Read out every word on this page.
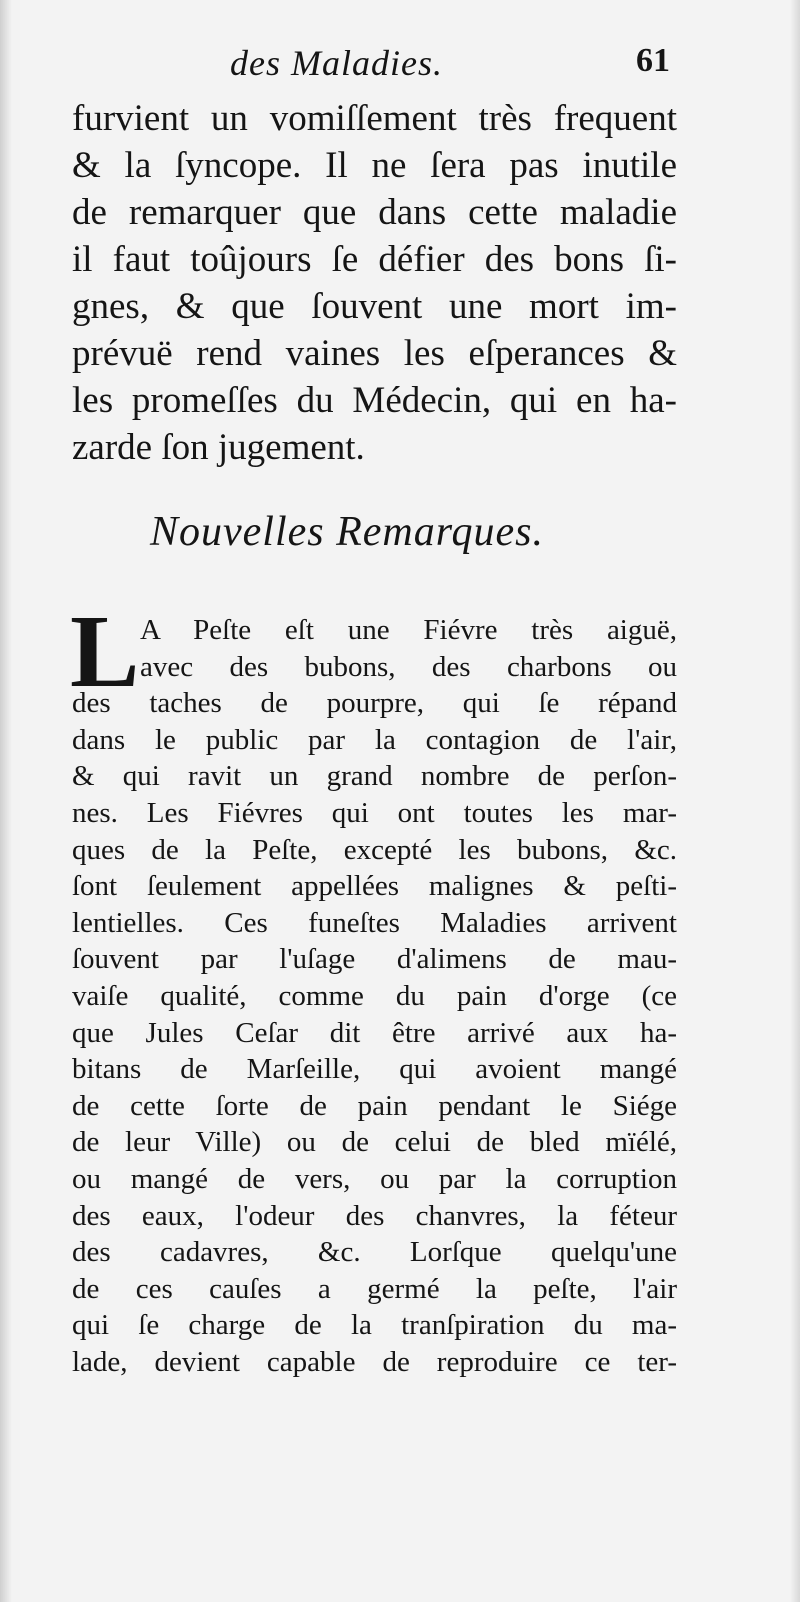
des Maladies.	61
furvient un vomiſſement très frequent
& la ſyncope. Il ne ſera pas inutile
de remarquer que dans cette maladie
il faut toûjours ſe défier des bons ſi-
gnes, & que ſouvent une mort im-
prévuë rend vaines les eſperances &
les promeſſes du Médecin, qui en ha-
zarde ſon jugement.
Nouvelles Remarques.
L A Peſte eſt une Fiévre très aiguë,
avec des bubons, des charbons ou
des taches de pourpre, qui ſe répand
dans le public par la contagion de l'air,
& qui ravit un grand nombre de perſon-
nes. Les Fiévres qui ont toutes les mar-
ques de la Peſte, excepté les bubons, &c.
ſont ſeulement appellées malignes & peſti-
lentielles. Ces funeſtes Maladies arrivent
ſouvent par l'uſage d'alimens de mau-
vaiſe qualité, comme du pain d'orge (ce
que Jules Ceſar dit être arrivé aux ha-
bitans de Marſeille, qui avoient mangé
de cette ſorte de pain pendant le Siége
de leur Ville) ou de celui de bled mïélé,
ou mangé de vers, ou par la corruption
des eaux, l'odeur des chanvres, la féteur
des cadavres, &c. Lorſque quelqu'une
de ces cauſes a germé la peſte, l'air
qui ſe charge de la tranſpiration du ma-
lade, devient capable de reproduire ce ter-
